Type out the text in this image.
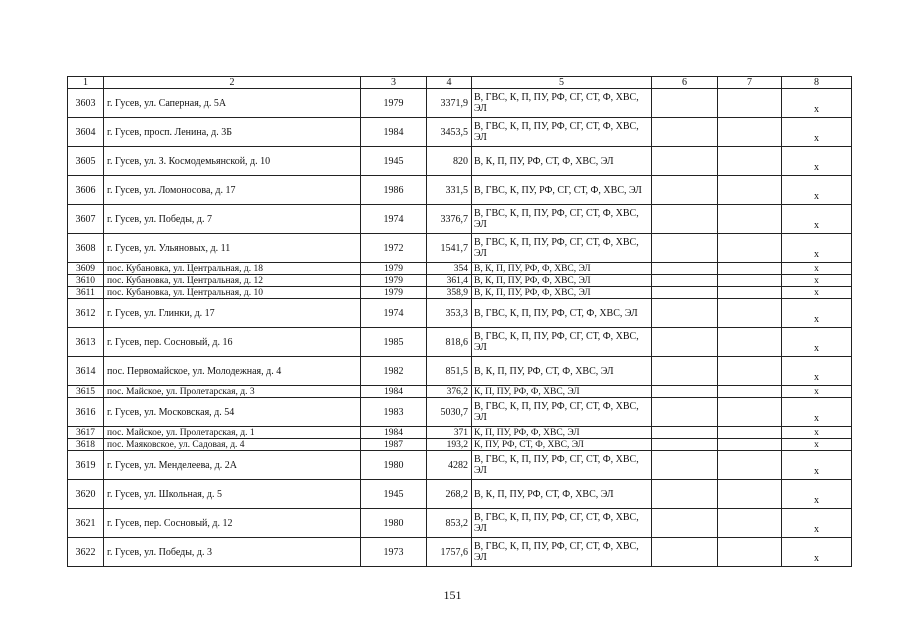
1	2	3	4	5	6	7	8
3603	г. Гусев, ул. Саперная, д. 5А	1979	3371,9	В, ГВС, К, П, ПУ, РФ, СГ, СТ, Ф, ХВС, ЭЛ			х
3604	г. Гусев, просп. Ленина, д. 3Б	1984	3453,5	В, ГВС, К, П, ПУ, РФ, СГ, СТ, Ф, ХВС, ЭЛ			х
3605	г. Гусев, ул. З. Космодемьянской, д. 10	1945	820	В, К, П, ПУ, РФ, СТ, Ф, ХВС, ЭЛ			х
3606	г. Гусев, ул. Ломоносова, д. 17	1986	331,5	В, ГВС, К, ПУ, РФ, СГ, СТ, Ф, ХВС, ЭЛ			х
3607	г. Гусев, ул. Победы, д. 7	1974	3376,7	В, ГВС, К, П, ПУ, РФ, СГ, СТ, Ф, ХВС, ЭЛ			х
3608	г. Гусев, ул. Ульяновых, д. 11	1972	1541,7	В, ГВС, К, П, ПУ, РФ, СГ, СТ, Ф, ХВС, ЭЛ			х
3609	пос. Кубановка, ул. Центральная, д. 18	1979	354	В, К, П, ПУ, РФ, Ф, ХВС, ЭЛ			х
3610	пос. Кубановка, ул. Центральная, д. 12	1979	361,4	В, К, П, ПУ, РФ, Ф, ХВС, ЭЛ			х
3611	пос. Кубановка, ул. Центральная, д. 10	1979	358,9	В, К, П, ПУ, РФ, Ф, ХВС, ЭЛ			х
3612	г. Гусев, ул. Глинки, д. 17	1974	353,3	В, ГВС, К, П, ПУ, РФ, СТ, Ф, ХВС, ЭЛ			х
3613	г. Гусев, пер. Сосновый, д. 16	1985	818,6	В, ГВС, К, П, ПУ, РФ, СГ, СТ, Ф, ХВС, ЭЛ			х
3614	пос. Первомайское, ул. Молодежная, д. 4	1982	851,5	В, К, П, ПУ, РФ, СТ, Ф, ХВС, ЭЛ			х
3615	пос. Майское, ул. Пролетарская, д. 3	1984	376,2	К, П, ПУ, РФ, Ф, ХВС, ЭЛ			х
3616	г. Гусев, ул. Московская, д. 54	1983	5030,7	В, ГВС, К, П, ПУ, РФ, СГ, СТ, Ф, ХВС, ЭЛ			х
3617	пос. Майское, ул. Пролетарская, д. 1	1984	371	К, П, ПУ, РФ, Ф, ХВС, ЭЛ			х
3618	пос. Маяковское, ул. Садовая, д. 4	1987	193,2	К, ПУ, РФ, СТ, Ф, ХВС, ЭЛ			х
3619	г. Гусев, ул. Менделеева, д. 2А	1980	4282	В, ГВС, К, П, ПУ, РФ, СГ, СТ, Ф, ХВС, ЭЛ			х
3620	г. Гусев, ул. Школьная, д. 5	1945	268,2	В, К, П, ПУ, РФ, СТ, Ф, ХВС, ЭЛ			х
3621	г. Гусев, пер. Сосновый, д. 12	1980	853,2	В, ГВС, К, П, ПУ, РФ, СГ, СТ, Ф, ХВС, ЭЛ			х
3622	г. Гусев, ул. Победы, д. 3	1973	1757,6	В, ГВС, К, П, ПУ, РФ, СГ, СТ, Ф, ХВС, ЭЛ			х
151
